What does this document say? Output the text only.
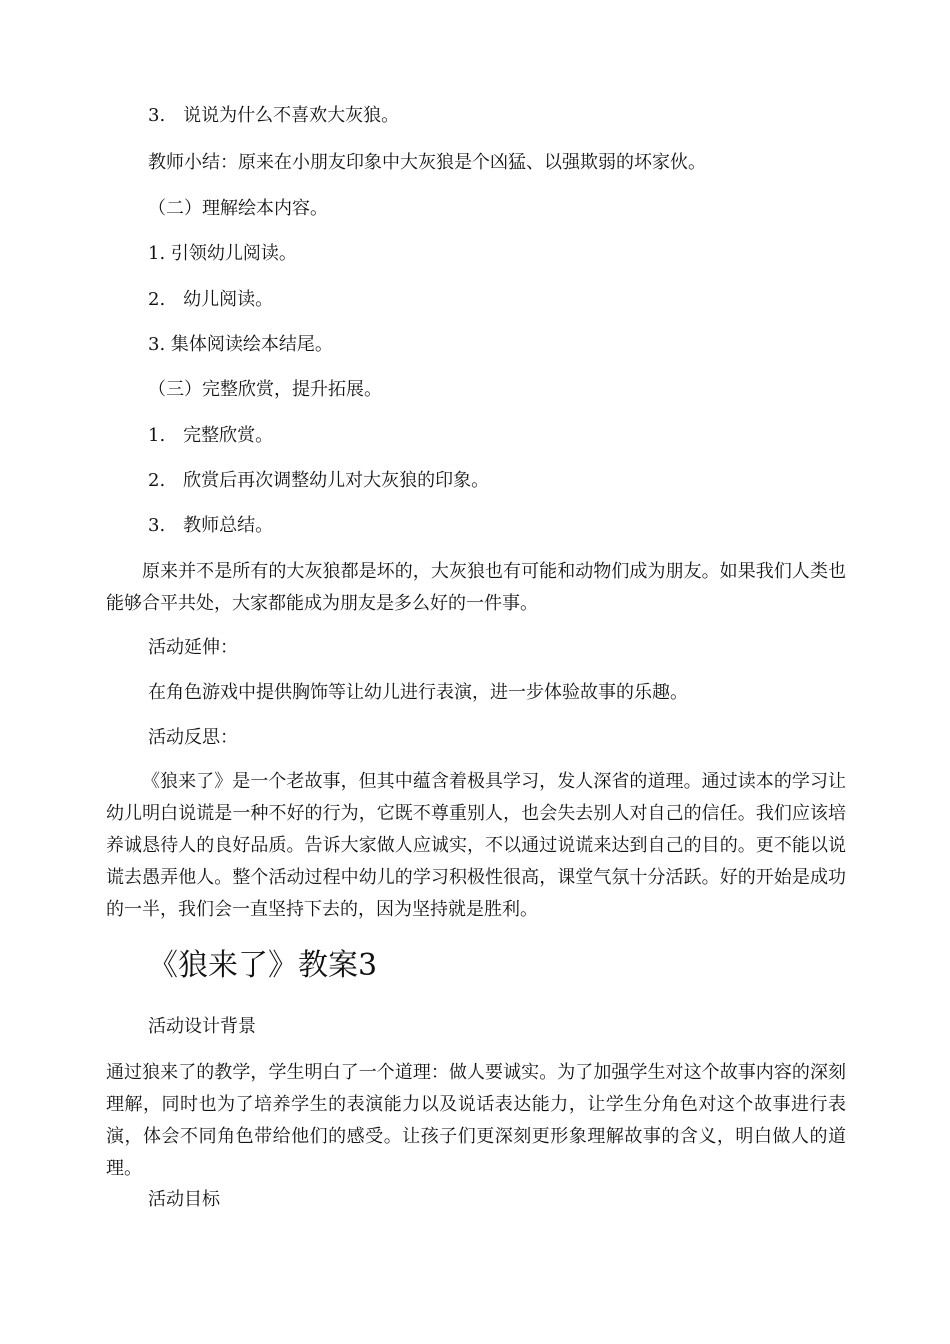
3.　说说为什么不喜欢大灰狼。
教师小结：原来在小朋友印象中大灰狼是个凶猛、以强欺弱的坏家伙。
（二）理解绘本内容。
1. 引领幼儿阅读。
2.　幼儿阅读。
3. 集体阅读绘本结尾。
（三）完整欣赏，提升拓展。
1.　完整欣赏。
2.　欣赏后再次调整幼儿对大灰狼的印象。
3.　教师总结。
原来并不是所有的大灰狼都是坏的，大灰狼也有可能和动物们成为朋友。如果我们人类也能够合平共处，大家都能成为朋友是多么好的一件事。
活动延伸：
在角色游戏中提供胸饰等让幼儿进行表演，进一步体验故事的乐趣。
活动反思：
《狼来了》是一个老故事，但其中蕴含着极具学习，发人深省的道理。通过读本的学习让幼儿明白说谎是一种不好的行为，它既不尊重别人，也会失去别人对自己的信任。我们应该培养诚恳待人的良好品质。告诉大家做人应诚实，不以通过说谎来达到自己的目的。更不能以说谎去愚弄他人。整个活动过程中幼儿的学习积极性很高，课堂气氛十分活跃。好的开始是成功的一半，我们会一直坚持下去的，因为坚持就是胜利。
《狼来了》教案3
活动设计背景
通过狼来了的教学，学生明白了一个道理：做人要诚实。为了加强学生对这个故事内容的深刻理解，同时也为了培养学生的表演能力以及说话表达能力，让学生分角色对这个故事进行表演，体会不同角色带给他们的感受。让孩子们更深刻更形象理解故事的含义，明白做人的道理。
活动目标
